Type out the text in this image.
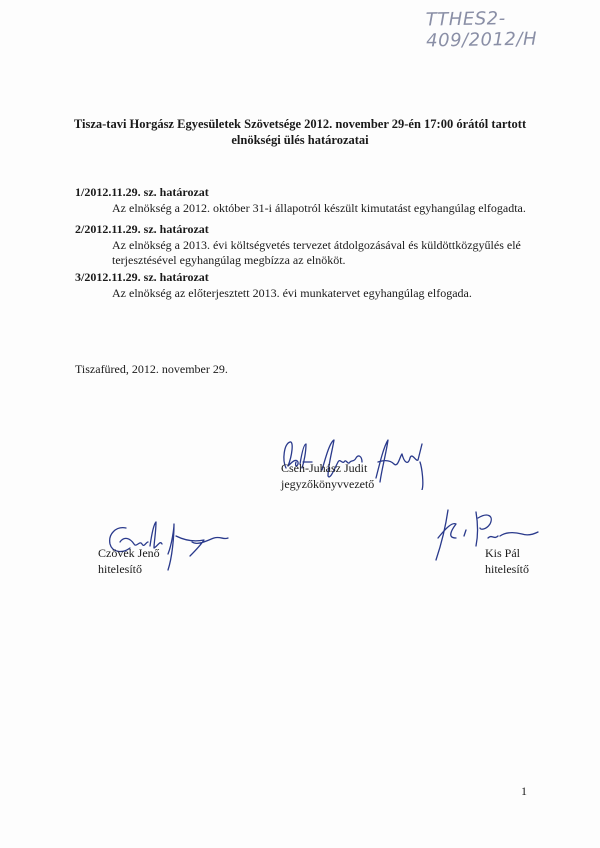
TTHES2-409/2012/H
Tisza-tavi Horgász Egyesületek Szövetsége 2012. november 29-én 17:00 órától tartott elnökségi ülés határozatai
1/2012.11.29. sz. határozat
Az elnökség a 2012. október 31-i állapotról készült kimutatást egyhangúlag elfogadta.
2/2012.11.29. sz. határozat
Az elnökség a 2013. évi költségvetés tervezet átdolgozásával és küldöttközgyűlés elé terjesztésével egyhangúlag megbízza az elnököt.
3/2012.11.29. sz. határozat
Az elnökség az előterjesztett 2013. évi munkatervet egyhangúlag elfogada.
Tiszafüred, 2012. november 29.
Cseh-Juhász Judit
jegyzőkönyvvezető
Czövek Jenő
hitelesítő
Kis Pál
hitelesítő
1
